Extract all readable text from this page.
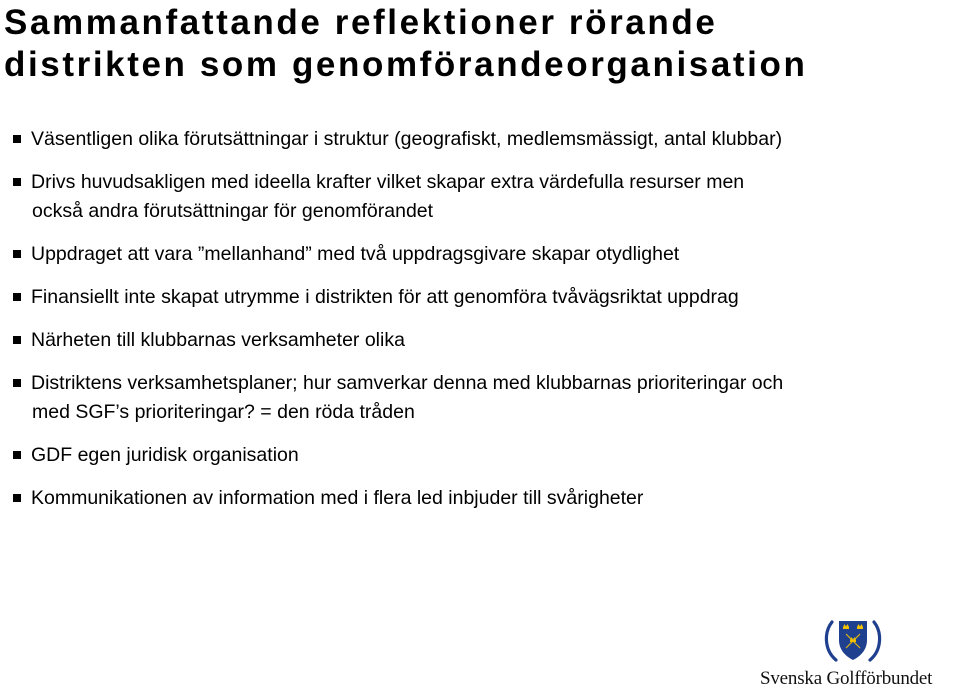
Sammanfattande reflektioner rörande
distrikten som genomförandeorganisation
Väsentligen olika förutsättningar i struktur (geografiskt, medlemsmässigt, antal klubbar)
Drivs huvudsakligen med ideella krafter vilket skapar extra värdefulla resurser men
också andra förutsättningar för genomförandet
Uppdraget att vara ”mellanhand” med två uppdragsgivare skapar otydlighet
Finansiellt inte skapat utrymme i distrikten för att genomföra tvåvägsriktat uppdrag
Närheten till klubbarnas verksamheter olika
Distriktens verksamhetsplaner; hur samverkar denna med klubbarnas prioriteringar och
med SGF’s prioriteringar? = den röda tråden
GDF egen juridisk organisation
Kommunikationen av information med i flera led inbjuder till svårigheter
Svenska Golfförbundet
